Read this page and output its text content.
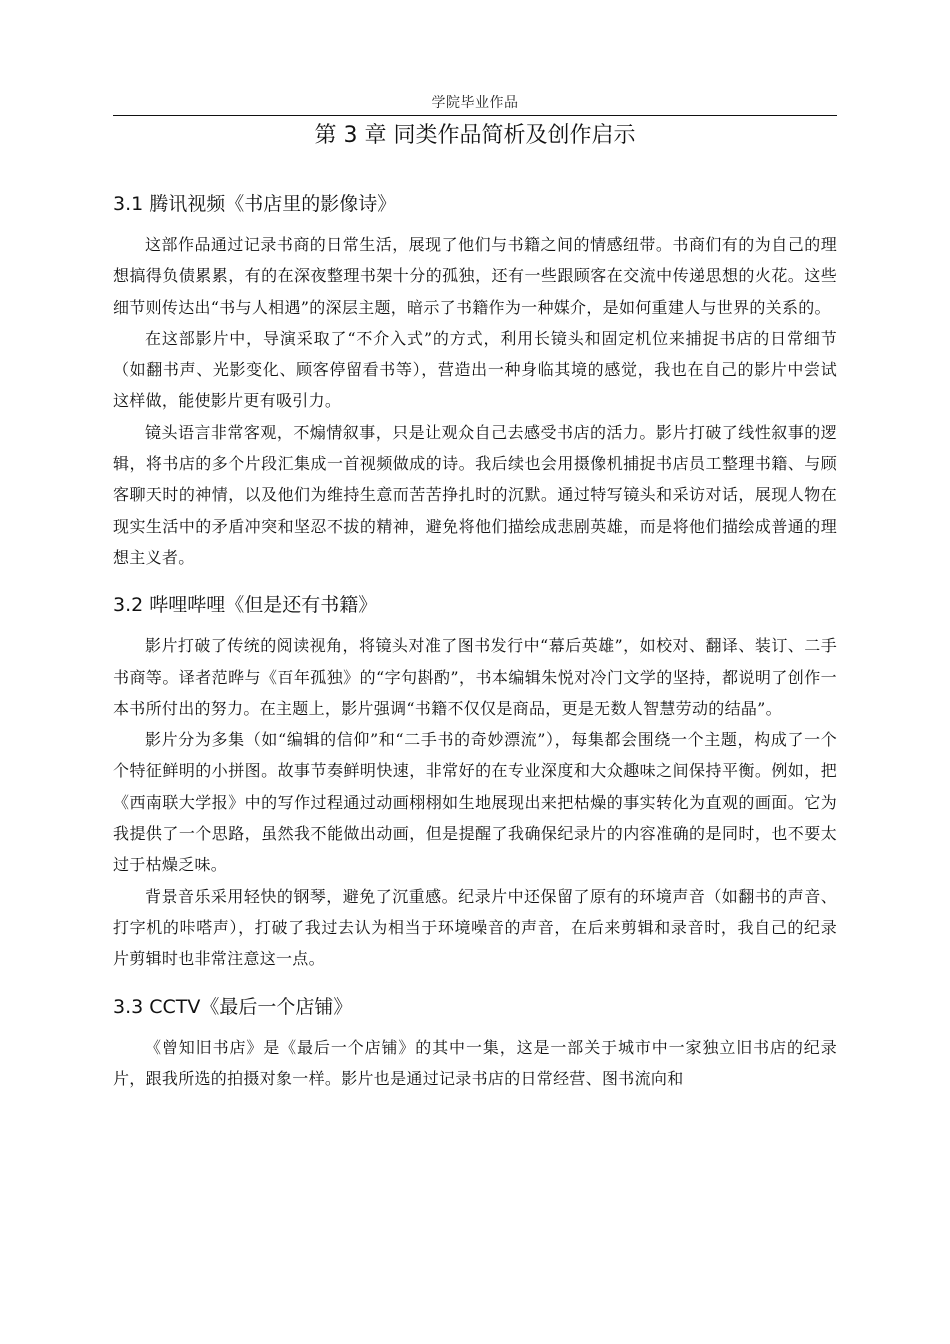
学院毕业作品
第 3 章 同类作品简析及创作启示
3.1 腾讯视频《书店里的影像诗》

这部作品通过记录书商的日常生活，展现了他们与书籍之间的情感纽带。书商们有的为自己的理想搞得负债累累，有的在深夜整理书架十分的孤独，还有一些跟顾客在交流中传递思想的火花。这些细节则传达出“书与人相遇”的深层主题，暗示了书籍作为一种媒介，是如何重建人与世界的关系的。

在这部影片中，导演采取了“不介入式”的方式，利用长镜头和固定机位来捕捉书店的日常细节（如翻书声、光影变化、顾客停留看书等），营造出一种身临其境的感觉，我也在自己的影片中尝试这样做，能使影片更有吸引力。

镜头语言非常客观，不煽情叙事，只是让观众自己去感受书店的活力。影片打破了线性叙事的逻辑，将书店的多个片段汇集成一首视频做成的诗。我后续也会用摄像机捕捉书店员工整理书籍、与顾客聊天时的神情，以及他们为维持生意而苦苦挣扎时的沉默。通过特写镜头和采访对话，展现人物在现实生活中的矛盾冲突和坚忍不拔的精神，避免将他们描绘成悲剧英雄，而是将他们描绘成普通的理想主义者。

3.2 哔哩哔哩《但是还有书籍》

影片打破了传统的阅读视角，将镜头对准了图书发行中“幕后英雄”，如校对、翻译、装订、二手书商等。译者范晔与《百年孤独》的“字句斟酌”，书本编辑朱悦对冷门文学的坚持，都说明了创作一本书所付出的努力。在主题上，影片强调“书籍不仅仅是商品，更是无数人智慧劳动的结晶”。

影片分为多集（如“编辑的信仰”和“二手书的奇妙漂流”），每集都会围绕一个主题，构成了一个个特征鲜明的小拼图。故事节奏鲜明快速，非常好的在专业深度和大众趣味之间保持平衡。例如，把《西南联大学报》中的写作过程通过动画栩栩如生地展现出来把枯燥的事实转化为直观的画面。它为我提供了一个思路，虽然我不能做出动画，但是提醒了我确保纪录片的内容准确的是同时，也不要太过于枯燥乏味。

背景音乐采用轻快的钢琴，避免了沉重感。纪录片中还保留了原有的环境声音（如翻书的声音、打字机的咔嗒声），打破了我过去认为相当于环境噪音的声音，在后来剪辑和录音时，我自己的纪录片剪辑时也非常注意这一点。

3.3 CCTV《最后一个店铺》

《曾知旧书店》是《最后一个店铺》的其中一集，这是一部关于城市中一家独立旧书店的纪录片，跟我所选的拍摄对象一样。影片也是通过记录书店的日常经营、图书流向和
